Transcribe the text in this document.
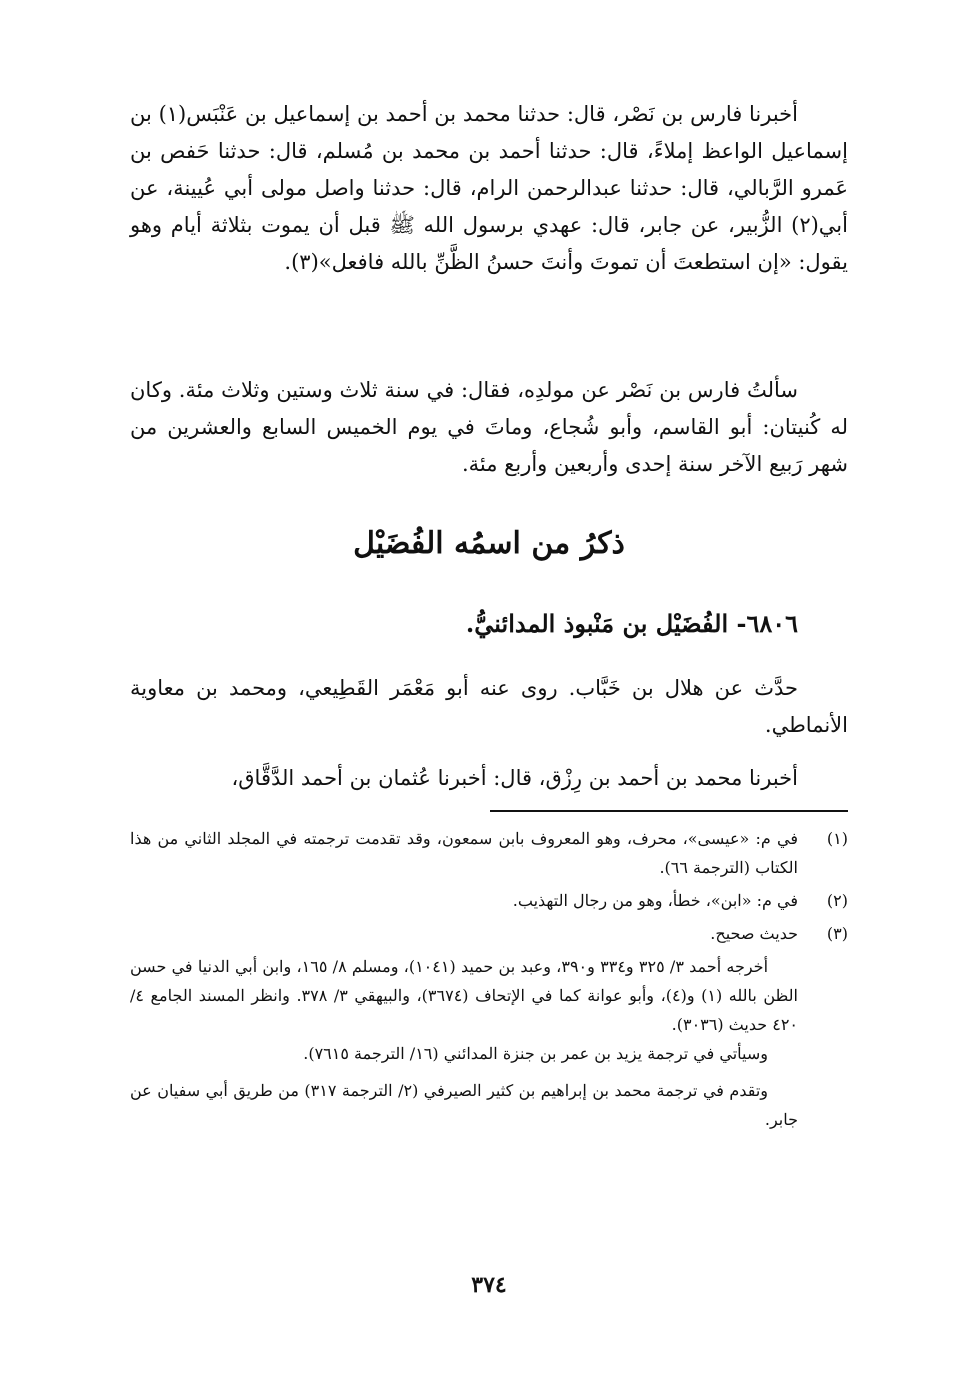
أخبرنا فارس بن نَصْر، قال: حدثنا محمد بن أحمد بن إسماعيل بن عَنْبَس(١) بن إسماعيل الواعظ إملاءً، قال: حدثنا أحمد بن محمد بن مُسلم، قال: حدثنا حَفص بن عَمرو الرَّبالي، قال: حدثنا عبدالرحمن الرام، قال: حدثنا واصل مولى أبي عُيينة، عن أبي(٢) الزُّبير، عن جابر، قال: عهدي برسول الله ﷺ قبل أن يموت بثلاثة أيام وهو يقول: «إن استطعتَ أن تموتَ وأنتَ حسنُ الظَّنِّ بالله فافعل»(٣).

سألتُ فارس بن نَصْر عن مولدِه، فقال: في سنة ثلاث وستين وثلاث مئة. وكان له كُنيتان: أبو القاسم، وأبو شُجاع، وماتَ في يوم الخميس السابع والعشرين من شهر رَبيع الآخر سنة إحدى وأربعين وأربع مئة.

ذكرُ من اسمُه الفُضَيْل
٦٨٠٦- الفُضَيْل بن مَنْبوذ المدائنيُّ.

حدَّث عن هلال بن خَبَّاب. روى عنه أبو مَعْمَر القَطِيعي، ومحمد بن معاوية الأنماطي.

أخبرنا محمد بن أحمد بن رِزْق، قال: أخبرنا عُثمان بن أحمد الدَّقَّاق،

(١)
في م: «عيسى»، محرف، وهو المعروف بابن سمعون، وقد تقدمت ترجمته في المجلد الثاني من هذا الكتاب (الترجمة ٦٦).
(٢)
في م: «ابن»، خطأ، وهو من رجال التهذيب.
(٣)
حديث صحيح.
أخرجه أحمد ٣/ ٣٢٥ و٣٣٤ و٣٩٠، وعبد بن حميد (١٠٤١)، ومسلم ٨/ ١٦٥، وابن أبي الدنيا في حسن الظن بالله (١) و(٤)، وأبو عوانة كما في الإتحاف (٣٦٧٤)، والبيهقي ٣/ ٣٧٨. وانظر المسند الجامع ٤/ ٤٢٠ حديث (٣٠٣٦).
وسيأتي في ترجمة يزيد بن عمر بن جنزة المدائني (١٦/ الترجمة ٧٦١٥).
وتقدم في ترجمة محمد بن إبراهيم بن كثير الصيرفي (٢/ الترجمة ٣١٧) من طريق أبي سفيان عن جابر.
٣٧٤
